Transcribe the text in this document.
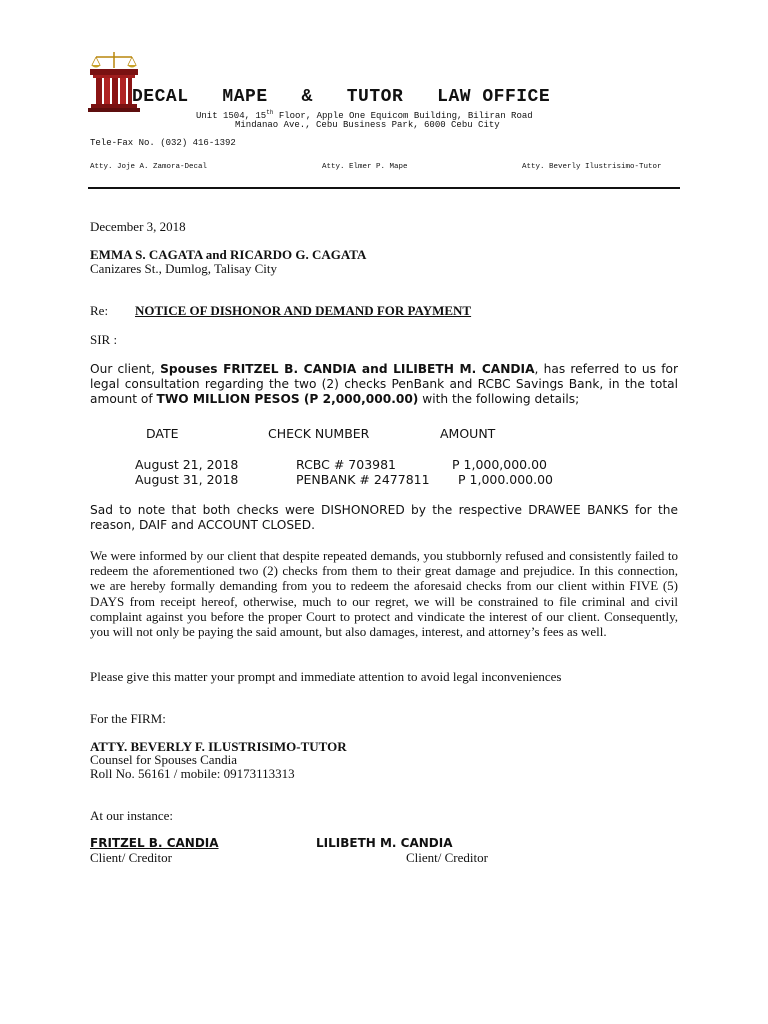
DECAL   MAPE   &   TUTOR   LAW OFFICE
Unit 1504, 15th Floor, Apple One Equicom Building, Biliran Road
Mindanao Ave., Cebu Business Park, 6000 Cebu City
Tele-Fax No. (032) 416-1392
Atty. Joje A. Zamora-Decal	Atty. Elmer P. Mape	Atty. Beverly Ilustrisimo-Tutor
December 3, 2018
EMMA S. CAGATA and RICARDO G. CAGATA
Canizares St., Dumlog, Talisay City
Re: NOTICE OF DISHONOR AND DEMAND FOR PAYMENT
SIR :
Our client, Spouses FRITZEL B. CANDIA and LILIBETH M. CANDIA, has referred to us for legal consultation regarding the two (2) checks PenBank and RCBC Savings Bank, in the total amount of TWO MILLION PESOS (P 2,000,000.00) with the following details;
DATE	CHECK NUMBER	AMOUNT
August 21, 2018	RCBC # 703981	P 1,000,000.00
August 31, 2018	PENBANK # 2477811 P 1,000.000.00
Sad to note that both checks were DISHONORED by the respective DRAWEE BANKS for the reason, DAIF and ACCOUNT CLOSED.
We were informed by our client that despite repeated demands, you stubbornly refused and consistently failed to redeem the aforementioned two (2) checks from them to their great damage and prejudice. In this connection, we are hereby formally demanding from you to redeem the aforesaid checks from our client within FIVE (5) DAYS from receipt hereof, otherwise, much to our regret, we will be constrained to file criminal and civil complaint against you before the proper Court to protect and vindicate the interest of our client. Consequently, you will not only be paying the said amount, but also damages, interest, and attorney’s fees as well.
Please give this matter your prompt and immediate attention to avoid legal inconveniences
For the FIRM:
ATTY. BEVERLY F. ILUSTRISIMO-TUTOR
Counsel for Spouses Candia
Roll No. 56161 / mobile: 09173113313
At our instance:
FRITZEL B. CANDIA
Client/ Creditor
LILIBETH M. CANDIA
Client/ Creditor
